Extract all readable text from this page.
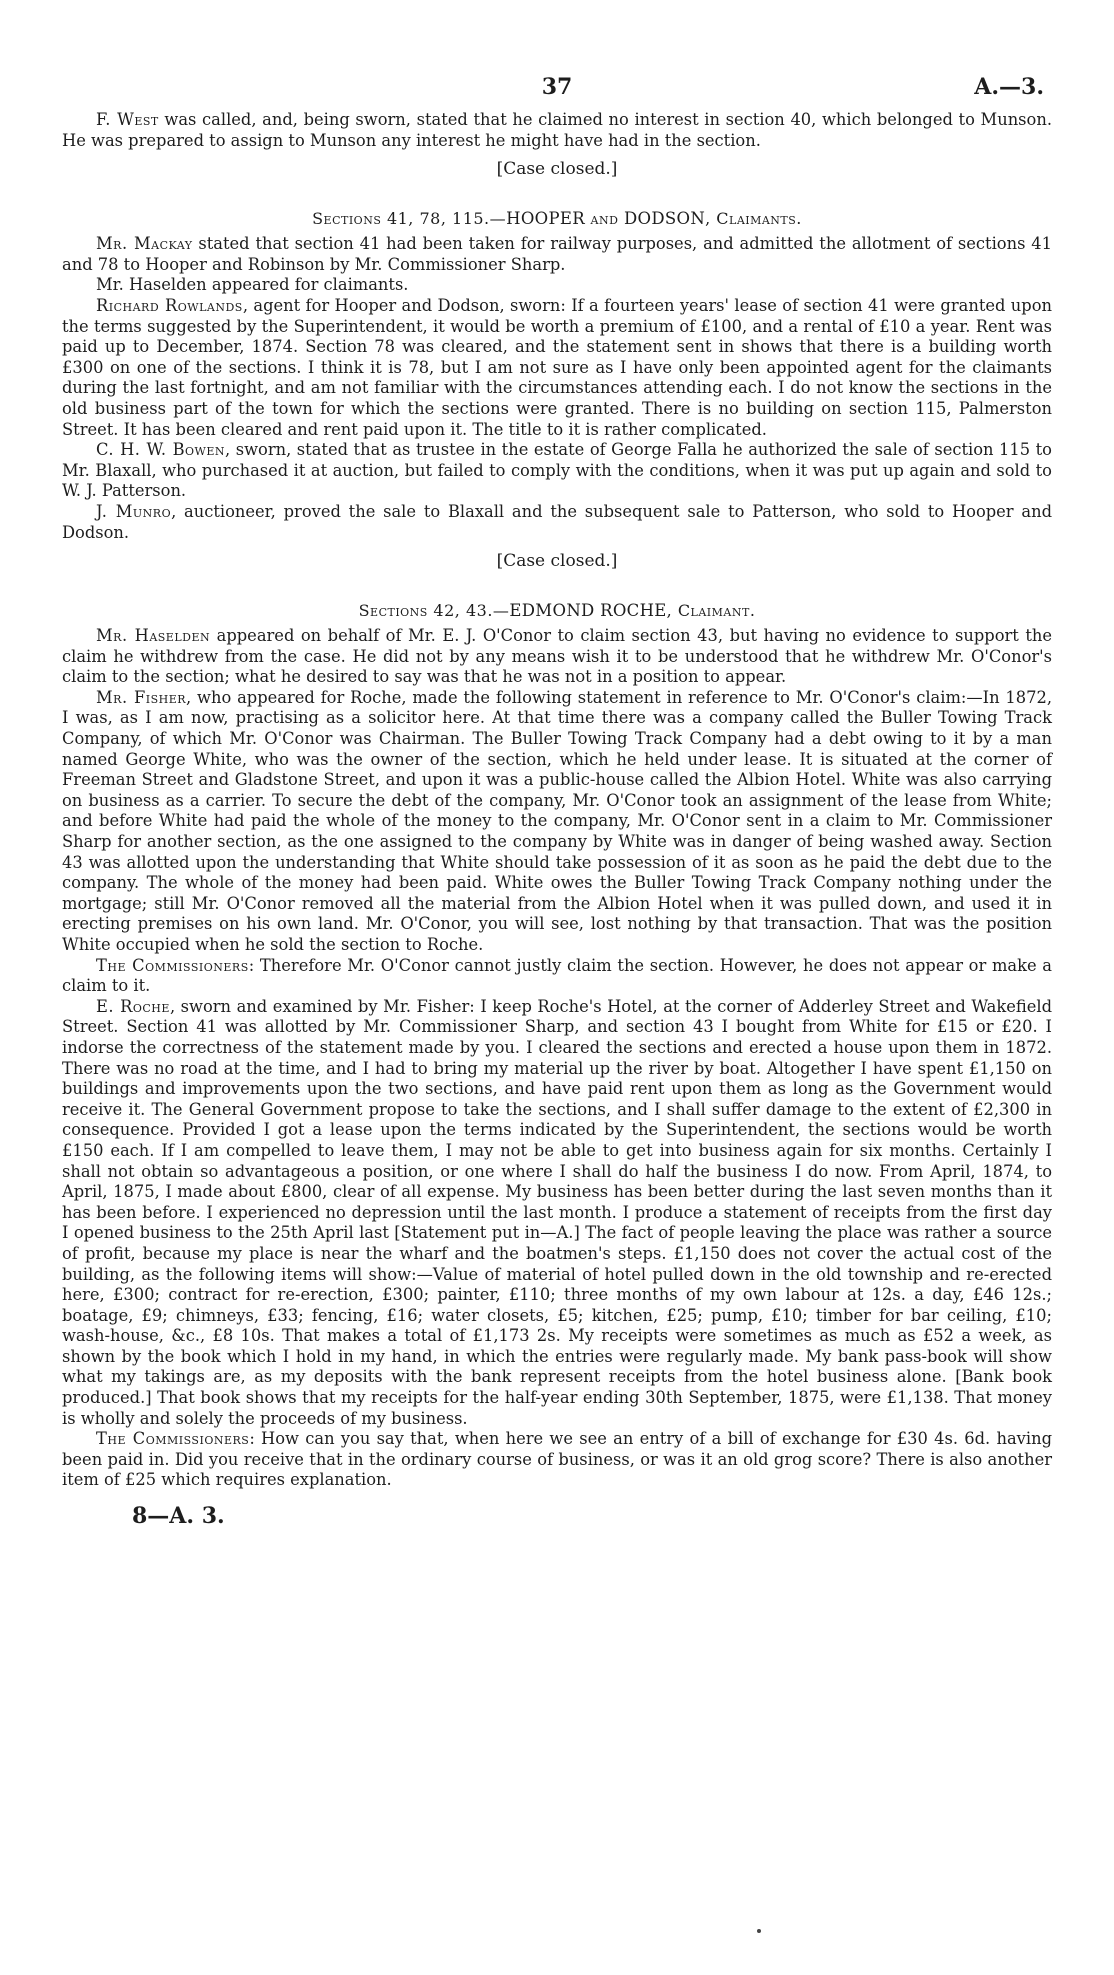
37	A.—3.

F. West was called, and, being sworn, stated that he claimed no interest in section 40, which belonged to Munson. He was prepared to assign to Munson any interest he might have had in the section.

[Case closed.]
Sections 41, 78, 115.—HOOPER and DODSON, Claimants.

Mr. Mackay stated that section 41 had been taken for railway purposes, and admitted the allotment of sections 41 and 78 to Hooper and Robinson by Mr. Commissioner Sharp.

Mr. Haselden appeared for claimants.

Richard Rowlands, agent for Hooper and Dodson, sworn: If a fourteen years' lease of section 41 were granted upon the terms suggested by the Superintendent, it would be worth a premium of £100, and a rental of £10 a year. Rent was paid up to December, 1874. Section 78 was cleared, and the statement sent in shows that there is a building worth £300 on one of the sections. I think it is 78, but I am not sure as I have only been appointed agent for the claimants during the last fortnight, and am not familiar with the circumstances attending each. I do not know the sections in the old business part of the town for which the sections were granted. There is no building on section 115, Palmerston Street. It has been cleared and rent paid upon it. The title to it is rather complicated.

C. H. W. Bowen, sworn, stated that as trustee in the estate of George Falla he authorized the sale of section 115 to Mr. Blaxall, who purchased it at auction, but failed to comply with the conditions, when it was put up again and sold to W. J. Patterson.

J. Munro, auctioneer, proved the sale to Blaxall and the subsequent sale to Patterson, who sold to Hooper and Dodson.

[Case closed.]
Sections 42, 43.—EDMOND ROCHE, Claimant.

Mr. Haselden appeared on behalf of Mr. E. J. O'Conor to claim section 43, but having no evidence to support the claim he withdrew from the case. He did not by any means wish it to be understood that he withdrew Mr. O'Conor's claim to the section; what he desired to say was that he was not in a position to appear.

Mr. Fisher, who appeared for Roche, made the following statement in reference to Mr. O'Conor's claim:—In 1872, I was, as I am now, practising as a solicitor here. At that time there was a company called the Buller Towing Track Company, of which Mr. O'Conor was Chairman. The Buller Towing Track Company had a debt owing to it by a man named George White, who was the owner of the section, which he held under lease. It is situated at the corner of Freeman Street and Gladstone Street, and upon it was a public-house called the Albion Hotel. White was also carrying on business as a carrier. To secure the debt of the company, Mr. O'Conor took an assignment of the lease from White; and before White had paid the whole of the money to the company, Mr. O'Conor sent in a claim to Mr. Commissioner Sharp for another section, as the one assigned to the company by White was in danger of being washed away. Section 43 was allotted upon the understanding that White should take possession of it as soon as he paid the debt due to the company. The whole of the money had been paid. White owes the Buller Towing Track Company nothing under the mortgage; still Mr. O'Conor removed all the material from the Albion Hotel when it was pulled down, and used it in erecting premises on his own land. Mr. O'Conor, you will see, lost nothing by that transaction. That was the position White occupied when he sold the section to Roche.

The Commissioners: Therefore Mr. O'Conor cannot justly claim the section. However, he does not appear or make a claim to it.

E. Roche, sworn and examined by Mr. Fisher: I keep Roche's Hotel, at the corner of Adderley Street and Wakefield Street. Section 41 was allotted by Mr. Commissioner Sharp, and section 43 I bought from White for £15 or £20. I indorse the correctness of the statement made by you. I cleared the sections and erected a house upon them in 1872. There was no road at the time, and I had to bring my material up the river by boat. Altogether I have spent £1,150 on buildings and improvements upon the two sections, and have paid rent upon them as long as the Government would receive it. The General Government propose to take the sections, and I shall suffer damage to the extent of £2,300 in consequence. Provided I got a lease upon the terms indicated by the Superintendent, the sections would be worth £150 each. If I am compelled to leave them, I may not be able to get into business again for six months. Certainly I shall not obtain so advantageous a position, or one where I shall do half the business I do now. From April, 1874, to April, 1875, I made about £800, clear of all expense. My business has been better during the last seven months than it has been before. I experienced no depression until the last month. I produce a statement of receipts from the first day I opened business to the 25th April last [Statement put in—A.] The fact of people leaving the place was rather a source of profit, because my place is near the wharf and the boatmen's steps. £1,150 does not cover the actual cost of the building, as the following items will show:—Value of material of hotel pulled down in the old township and re-erected here, £300; contract for re-erection, £300; painter, £110; three months of my own labour at 12s. a day, £46 12s.; boatage, £9; chimneys, £33; fencing, £16; water closets, £5; kitchen, £25; pump, £10; timber for bar ceiling, £10; wash-house, &c., £8 10s. That makes a total of £1,173 2s. My receipts were sometimes as much as £52 a week, as shown by the book which I hold in my hand, in which the entries were regularly made. My bank pass-book will show what my takings are, as my deposits with the bank represent receipts from the hotel business alone. [Bank book produced.] That book shows that my receipts for the half-year ending 30th September, 1875, were £1,138. That money is wholly and solely the proceeds of my business.

The Commissioners: How can you say that, when here we see an entry of a bill of exchange for £30 4s. 6d. having been paid in. Did you receive that in the ordinary course of business, or was it an old grog score? There is also another item of £25 which requires explanation.

8—A. 3.
